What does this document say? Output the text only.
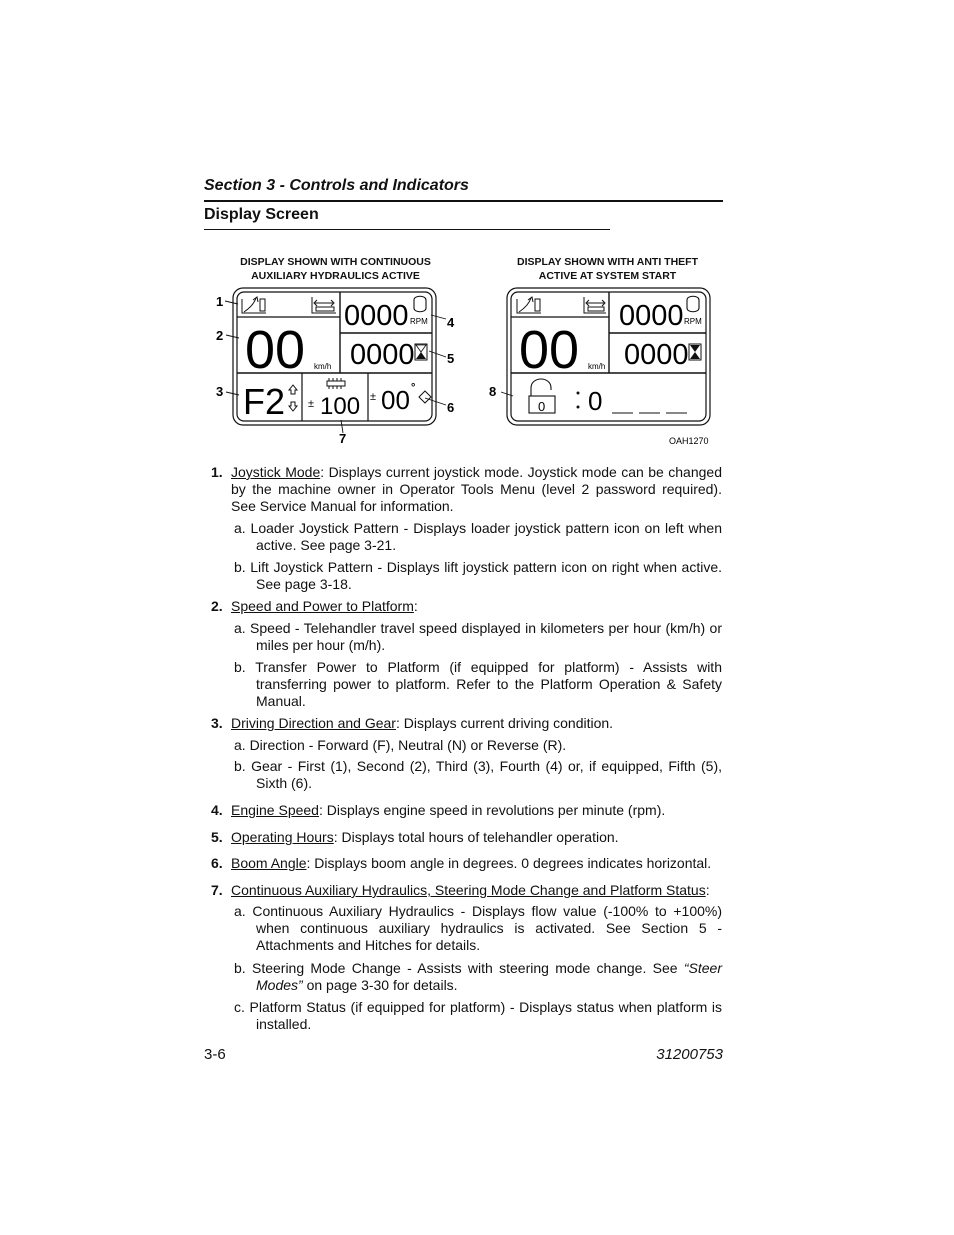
Section 3 - Controls and Indicators
Display Screen
DISPLAY SHOWN WITH CONTINUOUS
AUXILIARY HYDRAULICS ACTIVE
DISPLAY SHOWN WITH ANTI THEFT
ACTIVE AT SYSTEM START
0000 RPM
00 km/h 0000
F2 ± 100 ± 00 °
1
2
3
4
5
6
7
8
0000 RPM
00 km/h 0000
0 0
OAH1270
1. Joystick Mode: Displays current joystick mode. Joystick mode can be changed by the machine owner in Operator Tools Menu (level 2 password required). See Service Manual for information.
a. Loader Joystick Pattern - Displays loader joystick pattern icon on left when active. See page 3-21.
b. Lift Joystick Pattern - Displays lift joystick pattern icon on right when active. See page 3-18.
2. Speed and Power to Platform:
a. Speed - Telehandler travel speed displayed in kilometers per hour (km/h) or miles per hour (m/h).
b. Transfer Power to Platform (if equipped for platform) - Assists with transferring power to platform. Refer to the Platform Operation & Safety Manual.
3. Driving Direction and Gear: Displays current driving condition.
a. Direction - Forward (F), Neutral (N) or Reverse (R).
b. Gear - First (1), Second (2), Third (3), Fourth (4) or, if equipped, Fifth (5), Sixth (6).
4. Engine Speed: Displays engine speed in revolutions per minute (rpm).
5. Operating Hours: Displays total hours of telehandler operation.
6. Boom Angle: Displays boom angle in degrees. 0 degrees indicates horizontal.
7. Continuous Auxiliary Hydraulics, Steering Mode Change and Platform Status:
a. Continuous Auxiliary Hydraulics - Displays flow value (-100% to +100%) when continuous auxiliary hydraulics is activated. See Section 5 - Attachments and Hitches for details.
b. Steering Mode Change - Assists with steering mode change. See “Steer Modes” on page 3-30 for details.
c. Platform Status (if equipped for platform) - Displays status when platform is installed.
3-6	31200753
